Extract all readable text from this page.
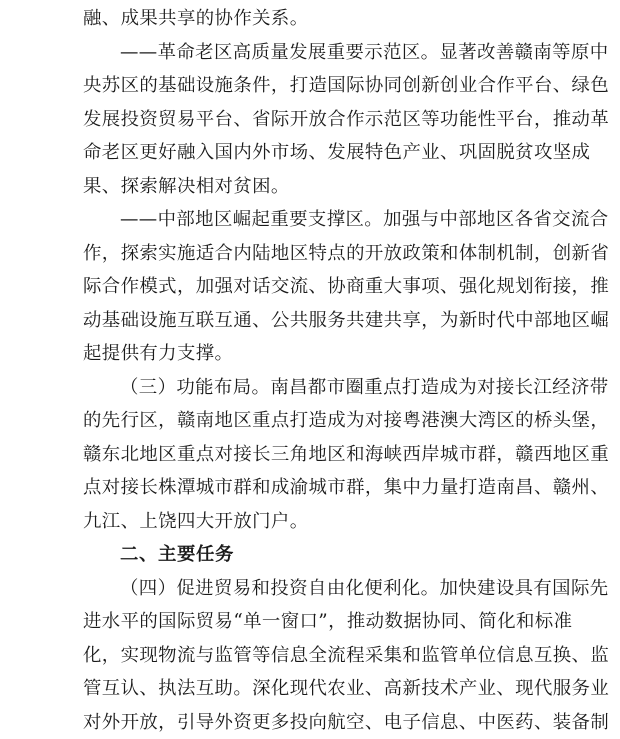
融、成果共享的协作关系。
——革命老区高质量发展重要示范区。显著改善赣南等原中
央苏区的基础设施条件，打造国际协同创新创业合作平台、绿色
发展投资贸易平台、省际开放合作示范区等功能性平台，推动革
命老区更好融入国内外市场、发展特色产业、巩固脱贫攻坚成
果、探索解决相对贫困。
——中部地区崛起重要支撑区。加强与中部地区各省交流合
作，探索实施适合内陆地区特点的开放政策和体制机制，创新省
际合作模式，加强对话交流、协商重大事项、强化规划衔接，推
动基础设施互联互通、公共服务共建共享，为新时代中部地区崛
起提供有力支撑。
（三）功能布局。南昌都市圈重点打造成为对接长江经济带
的先行区，赣南地区重点打造成为对接粤港澳大湾区的桥头堡，
赣东北地区重点对接长三角地区和海峡西岸城市群，赣西地区重
点对接长株潭城市群和成渝城市群，集中力量打造南昌、赣州、
九江、上饶四大开放门户。
二、主要任务
（四）促进贸易和投资自由化便利化。加快建设具有国际先
进水平的国际贸易“单一窗口”，推动数据协同、简化和标准
化，实现物流与监管等信息全流程采集和监管单位信息互换、监
管互认、执法互助。深化现代农业、高新技术产业、现代服务业
对外开放，引导外资更多投向航空、电子信息、中医药、装备制
